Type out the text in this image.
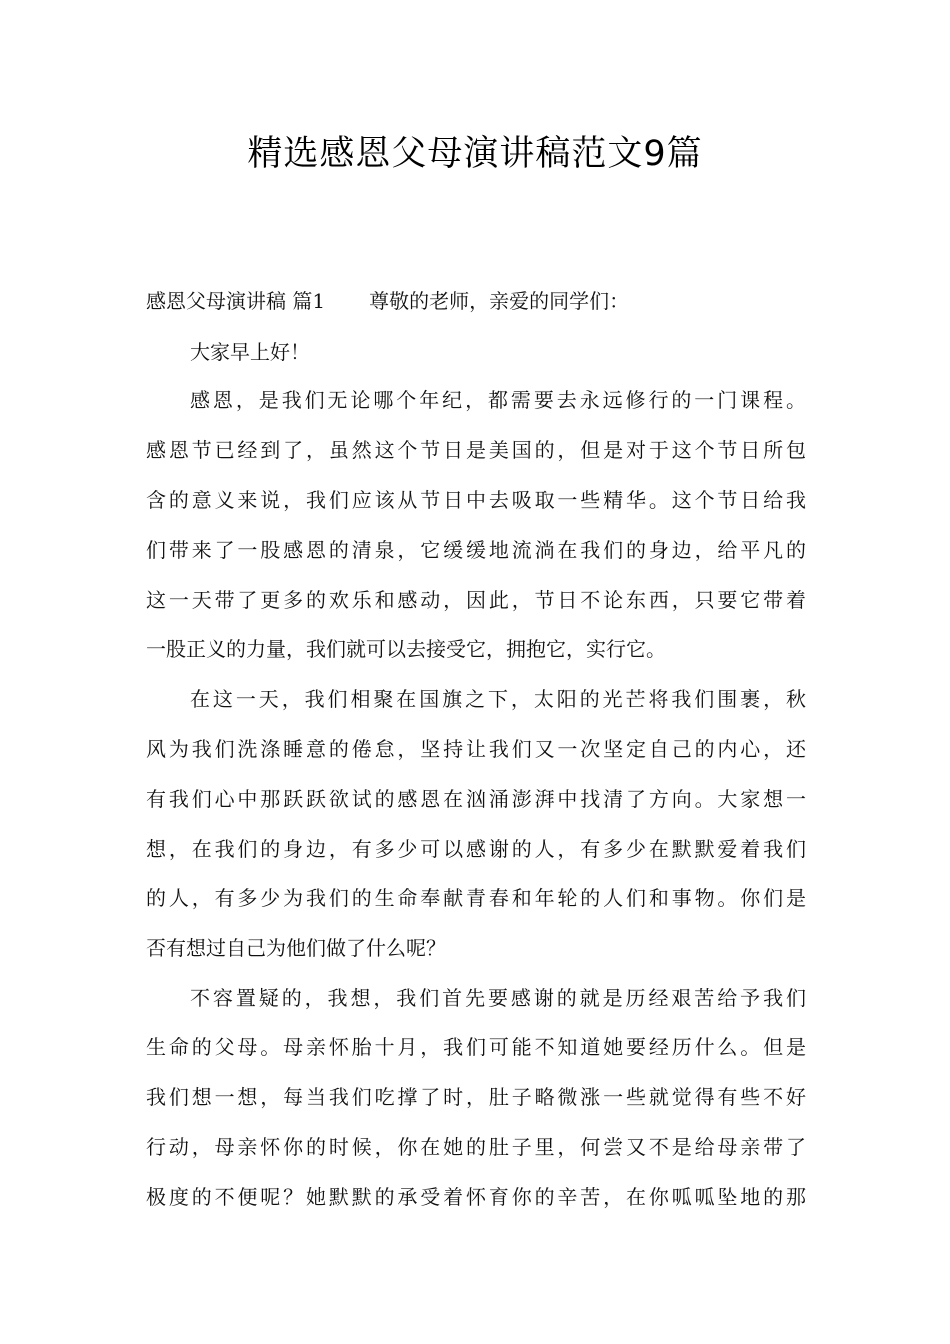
精选感恩父母演讲稿范文9篇
感恩父母演讲稿 篇1 尊敬的老师，亲爱的同学们：
大家早上好！
感恩，是我们无论哪个年纪，都需要去永远修行的一门课程。
感恩节已经到了，虽然这个节日是美国的，但是对于这个节日所包
含的意义来说，我们应该从节日中去吸取一些精华。这个节日给我
们带来了一股感恩的清泉，它缓缓地流淌在我们的身边，给平凡的
这一天带了更多的欢乐和感动，因此，节日不论东西，只要它带着
一股正义的力量，我们就可以去接受它，拥抱它，实行它。
在这一天，我们相聚在国旗之下，太阳的光芒将我们围裹，秋
风为我们洗涤睡意的倦怠，坚持让我们又一次坚定自己的内心，还
有我们心中那跃跃欲试的感恩在汹涌澎湃中找清了方向。大家想一
想，在我们的身边，有多少可以感谢的人，有多少在默默爱着我们
的人，有多少为我们的生命奉献青春和年轮的人们和事物。你们是
否有想过自己为他们做了什么呢？
不容置疑的，我想，我们首先要感谢的就是历经艰苦给予我们
生命的父母。母亲怀胎十月，我们可能不知道她要经历什么。但是
我们想一想，每当我们吃撑了时，肚子略微涨一些就觉得有些不好
行动，母亲怀你的时候，你在她的肚子里，何尝又不是给母亲带了
极度的不便呢？她默默的承受着怀育你的辛苦，在你呱呱坠地的那
